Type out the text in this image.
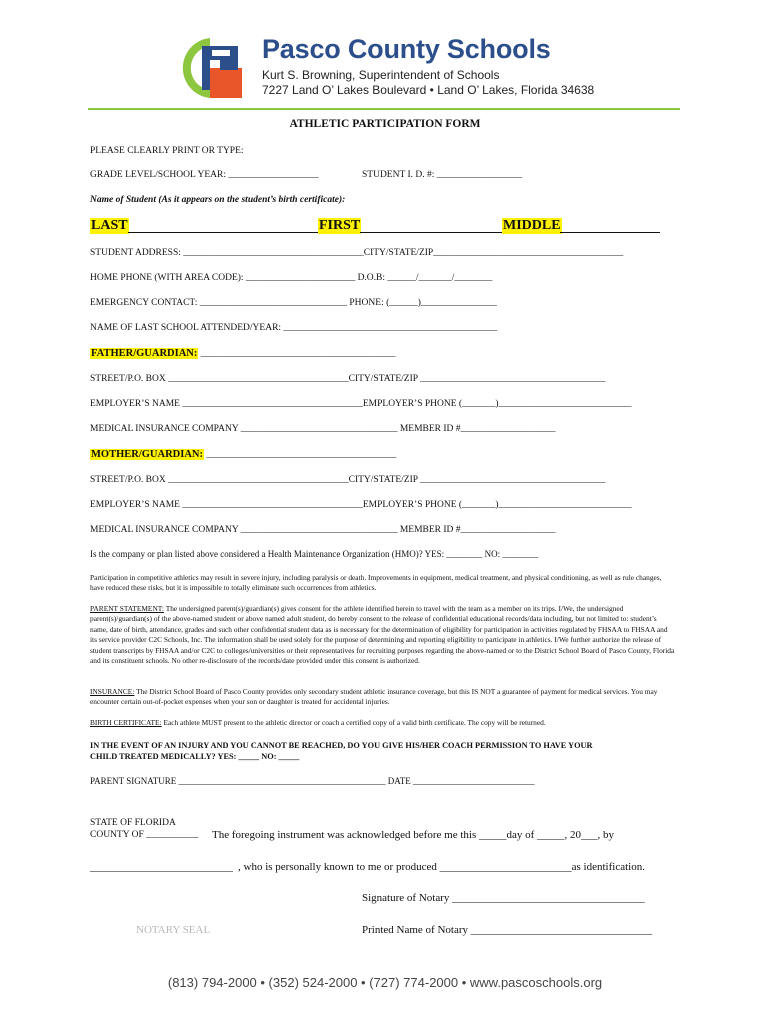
Pasco County Schools
Kurt S. Browning, Superintendent of Schools
7227 Land O’ Lakes Boulevard • Land O’ Lakes, Florida 34638
ATHLETIC PARTICIPATION FORM
PLEASE CLEARLY PRINT OR TYPE:
GRADE LEVEL/SCHOOL YEAR: ___________________	STUDENT I. D. #: __________________
Name of Student (As it appears on the student’s birth certificate):
LAST	FIRST	MIDDLE
STUDENT ADDRESS: ______________________________________CITY/STATE/ZIP________________________________________
HOME PHONE (WITH AREA CODE): _______________________ D.O.B: ______/_______/________
EMERGENCY CONTACT: _______________________________ PHONE: (______)________________
NAME OF LAST SCHOOL ATTENDED/YEAR: _____________________________________________
FATHER/GUARDIAN: _________________________________________
STREET/P.O. BOX ______________________________________CITY/STATE/ZIP _______________________________________
EMPLOYER’S NAME ______________________________________EMPLOYER’S PHONE (_______)____________________________
MEDICAL INSURANCE COMPANY _________________________________ MEMBER ID #____________________
MOTHER/GUARDIAN: ________________________________________
STREET/P.O. BOX ______________________________________CITY/STATE/ZIP _______________________________________
EMPLOYER’S NAME ______________________________________EMPLOYER’S PHONE (_______)____________________________
MEDICAL INSURANCE COMPANY _________________________________ MEMBER ID #____________________
Is the company or plan listed above considered a Health Maintenance Organization (HMO)? YES: ________ NO: ________
Participation in competitive athletics may result in severe injury, including paralysis or death. Improvements in equipment, medical treatment, and physical conditioning, as well as rule changes, have reduced these risks, but it is impossible to totally eliminate such occurrences from athletics.
PARENT STATEMENT: The undersigned parent(s)/guardian(s) gives consent for the athlete identified herein to travel with the team as a member on its trips. I/We, the undersigned parent(s)/guardian(s) of the above-named student or above named adult student, do hereby consent to the release of confidential educational records/data including, but not limited to: student’s name, date of birth, attendance, grades and such other confidential student data as is necessary for the determination of eligibility for participation in activities regulated by FHSAA to FHSAA and its service provider C2C Schools, Inc. The information shall be used solely for the purpose of determining and reporting eligibility to participate in athletics. I/We further authorize the release of student transcripts by FHSAA and/or C2C to colleges/universities or their representatives for recruiting purposes regarding the above-named or to the District School Board of Pasco County, Florida and its constituent schools. No other re-disclosure of the records/date provided under this consent is authorized.
INSURANCE: The District School Board of Pasco County provides only secondary student athletic insurance coverage, but this IS NOT a guarantee of payment for medical services. You may encounter certain out-of-pocket expenses when your son or daughter is treated for accidental injuries.
BIRTH CERTIFICATE: Each athlete MUST present to the athletic director or coach a certified copy of a valid birth certificate. The copy will be returned.
IN THE EVENT OF AN INJURY AND YOU CANNOT BE REACHED, DO YOU GIVE HIS/HER COACH PERMISSION TO HAVE YOUR
CHILD TREATED MEDICALLY? YES: _____ NO: _____
PARENT SIGNATURE ______________________________________________ DATE ___________________________
STATE OF FLORIDA
COUNTY OF ___________ The foregoing instrument was acknowledged before me this _____day of _____, 20___, by
__________________________ , who is personally known to me or produced ________________________as identification.
Signature of Notary ___________________________________
NOTARY SEAL	Printed Name of Notary _________________________________
(813) 794-2000 • (352) 524-2000 • (727) 774-2000 • www.pascoschools.org
